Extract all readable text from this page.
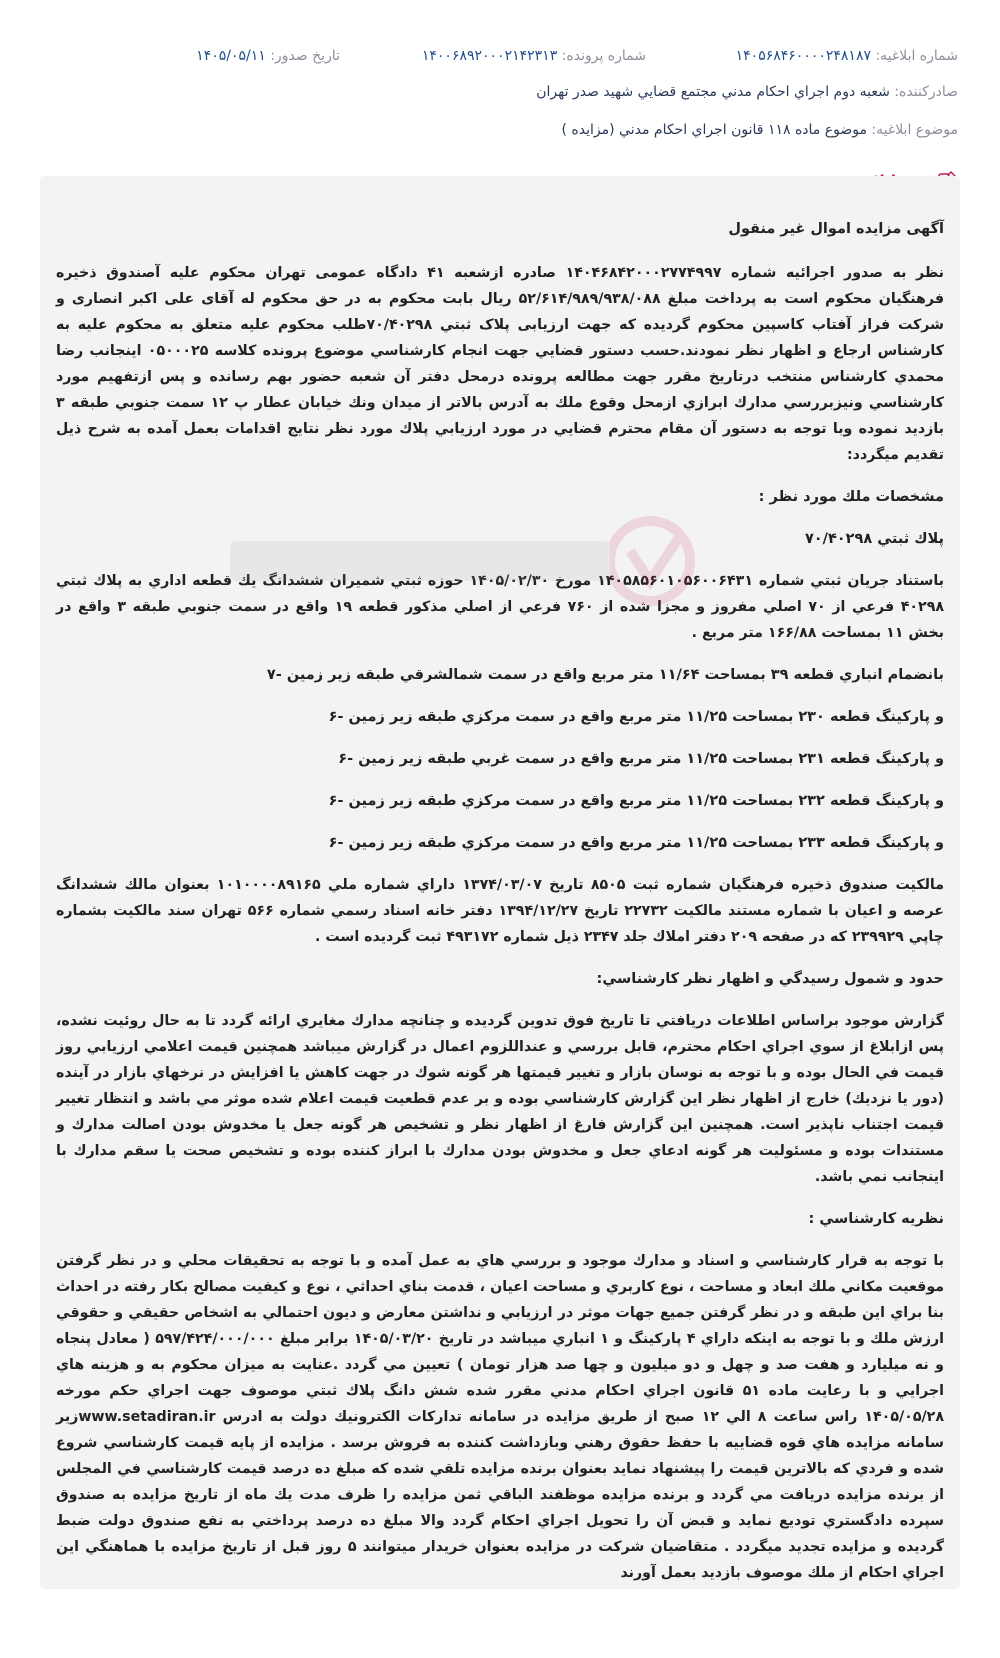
شماره ابلاغیه: ۱۴۰۵۶۸۴۶۰۰۰۰۲۴۸۱۸۷
شماره پرونده: ۱۴۰۰۶۸۹۲۰۰۰۲۱۴۲۳۱۳
تاریخ صدور: ۱۴۰۵/۰۵/۱۱
صادرکننده: شعبه دوم اجراي احكام مدني مجتمع قضايي شهيد صدر تهران
موضوع ابلاغیه: موضوع ماده ۱۱۸ قانون اجراي احكام مدني (مزايده )
آگهی مزایده اموال غیر منقول

نظر به صدور اجرائیه شماره ۱۴۰۴۶۸۴۲۰۰۰۲۷۷۴۹۹۷ صادره ازشعبه ۴۱ دادگاه عمومی تهران محکوم علیه آصندوق ذخیره فرهنگیان محکوم است به پرداخت مبلغ ۵۲/۶۱۴/۹۸۹/۹۳۸/۰۸۸ ریال بابت محکوم به در حق محکوم له آقای علی اکبر انصاری و شرکت فراز آفتاب کاسپین محکوم گردیده که جهت ارزیابی پلاک ثبتي ۷۰/۴۰۲۹۸طلب محکوم علیه متعلق به محکوم علیه به کارشناس ارجاع و اظهار نظر نمودند.حسب دستور قضايي جهت انجام كارشناسي موضوع پرونده كلاسه ۰۵۰۰۰۲۵ اينجانب رضا محمدي كارشناس منتخب درتاريخ مقرر جهت مطالعه پرونده درمحل دفتر آن شعبه حضور بهم رسانده و پس ازتفهيم مورد كارشناسي ونيزبررسي مدارك ابرازي ازمحل وقوع ملك به آدرس بالاتر از ميدان ونك خيابان عطار پ ۱۲ سمت جنوبي طبقه ۳ بازديد نموده وبا توجه به دستور آن مقام محترم قضايي در مورد ارزيابي پلاك مورد نظر نتايج اقدامات بعمل آمده به شرح ذيل تقديم ميگردد:

مشخصات ملك مورد نظر :
پلاك ثبتي ۷۰/۴۰۲۹۸

باستناد جريان ثبتي شماره ۱۴۰۵۸۵۶۰۱۰۵۶۰۰۶۴۳۱ مورخ ۱۴۰۵/۰۲/۳۰ حوزه ثبتي شميران ششدانگ يك قطعه اداري به پلاك ثبتي ۴۰۲۹۸ فرعي از ۷۰ اصلي مفروز و مجزا شده از ۷۶۰ فرعي از اصلي مذكور قطعه ۱۹ واقع در سمت جنوبي طبقه ۳ واقع در بخش ۱۱ بمساحت ۱۶۶/۸۸ متر مربع .

بانضمام انباري قطعه ۳۹ بمساحت ۱۱/۶۴ متر مربع واقع در سمت شمالشرقي طبقه زير زمين -۷
و پاركينگ قطعه ۲۳۰ بمساحت ۱۱/۲۵ متر مربع واقع در سمت مركزي طبقه زير زمين -۶
و پاركينگ قطعه ۲۳۱ بمساحت ۱۱/۲۵ متر مربع واقع در سمت غربي طبقه زير زمين -۶
و پاركينگ قطعه ۲۳۲ بمساحت ۱۱/۲۵ متر مربع واقع در سمت مركزي طبقه زير زمين -۶
و پاركينگ قطعه ۲۳۳ بمساحت ۱۱/۲۵ متر مربع واقع در سمت مركزي طبقه زير زمين -۶

مالكيت صندوق ذخيره فرهنگيان شماره ثبت ۸۵۰۵ تاريخ ۱۳۷۴/۰۳/۰۷ داراي شماره ملي ۱۰۱۰۰۰۰۸۹۱۶۵ بعنوان مالك ششدانگ عرصه و اعيان با شماره مستند مالكيت ۲۲۷۳۲ تاريخ ۱۳۹۴/۱۲/۲۷ دفتر خانه اسناد رسمي شماره ۵۶۶ تهران سند مالكيت بشماره چاپي ۲۳۹۹۲۹ كه در صفحه ۲۰۹ دفتر املاك جلد ۲۳۴۷ ذيل شماره ۴۹۳۱۷۲ ثبت گرديده است .

حدود و شمول رسيدگي و اظهار نظر كارشناسي:

گزارش موجود براساس اطلاعات دريافتي تا تاريخ فوق تدوين گرديده و چنانچه مدارك مغايري ارائه گردد تا به حال روئيت نشده، پس ازابلاغ از سوي اجراي احكام محترم، قابل بررسي و عنداللزوم اعمال در گزارش ميباشد همچنين قيمت اعلامي ارزيابي روز قيمت في الحال بوده و با توجه به نوسان بازار و تغيير قيمتها هر گونه شوك در جهت كاهش يا افزايش در نرخهاي بازار در آينده (دور يا نزديك) خارج از اظهار نظر اين گزارش كارشناسي بوده و بر عدم قطعيت قيمت اعلام شده موثر مي باشد و انتظار تغيير قيمت اجتناب ناپذير است. همچنين اين گزارش فارغ از اظهار نظر و تشخيص هر گونه جعل يا مخدوش بودن اصالت مدارك و مستندات بوده و مسئوليت هر گونه ادعاي جعل و مخدوش بودن مدارك با ابراز كننده بوده و تشخيص صحت يا سقم مدارك با اينجانب نمي باشد.

نظريه كارشناسي :

با توجه به قرار كارشناسي و اسناد و مدارك موجود و بررسي هاي به عمل آمده و با توجه به تحقيقات محلي و در نظر گرفتن موقعيت مكاني ملك ابعاد و مساحت ، نوع كاربري و مساحت اعيان ، قدمت بناي احداثي ، نوع و كيفيت مصالح بكار رفته در احداث بنا براي اين طبقه و در نظر گرفتن جميع جهات موثر در ارزيابي و نداشتن معارض و ديون احتمالي به اشخاص حقيقي و حقوقي ارزش ملك و با توجه به اينكه داراي ۴ پاركينگ و ۱ انباري ميباشد در تاريخ ۱۴۰۵/۰۳/۲۰ برابر مبلغ ۵۹۷/۴۲۴/۰۰۰/۰۰۰ ( معادل پنجاه و نه ميليارد و هفت صد و چهل و دو ميليون و چها صد هزار تومان ) تعيين مي گردد .عنايت به ميزان محكوم به و هزينه هاي اجرايي و با رعايت ماده ۵۱ قانون اجراي احكام مدني مقرر شده شش دانگ پلاك ثبتي موصوف جهت اجراي حكم مورخه ۱۴۰۵/۰۵/۲۸ راس ساعت ۸ الي ۱۲ صبح از طريق مزايده در سامانه تداركات الكترونيك دولت به ادرس www.setadiran.irزير سامانه مزايده هاي قوه قضاييه با حفظ حقوق رهني وبازداشت كننده به فروش برسد . مزايده از پايه قيمت كارشناسي شروع شده و فردي كه بالاترين قيمت را پيشنهاد نمايد بعنوان برنده مزايده تلقي شده كه مبلغ ده درصد قيمت كارشناسي في المجلس از برنده مزايده دريافت مي گردد و برنده مزايده موظفند الباقي ثمن مزايده را ظرف مدت يك ماه از تاريخ مزايده به صندوق سپرده دادگستري توديع نمايد و قبض آن را تحويل اجراي احكام گردد والا مبلغ ده درصد پرداختي به نفع صندوق دولت ضبط گرديده و مزايده تجديد ميگردد . متقاضيان شركت در مزايده بعنوان خريدار ميتوانند ۵ روز قبل از تاريخ مزايده با هماهنگي اين اجراي احكام از ملك موصوف بازديد بعمل آورند
